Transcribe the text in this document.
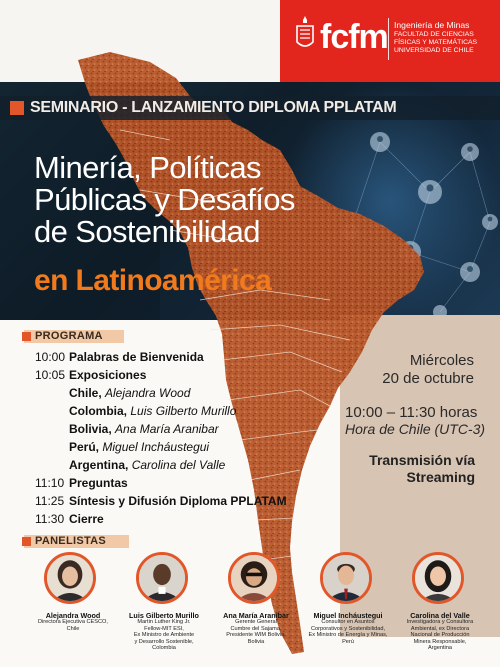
fcfm Ingeniería de Minas
FACULTAD DE CIENCIAS
FÍSICAS Y MATEMÁTICAS
UNIVERSIDAD DE CHILE
SEMINARIO - LANZAMIENTO DIPLOMA PPLATAM
Minería, Políticas
Públicas y Desafíos
de Sostenibilidad
en Latinoamérica
Miércoles
20 de octubre
10:00 – 11:30 horas
Hora de Chile (UTC-3)
Transmisión vía
Streaming
PROGRAMA
10:00 Palabras de Bienvenida
10:05 Exposiciones
Chile, Alejandra Wood
Colombia, Luis Gilberto Murillo
Bolivia, Ana María Aranibar
Perú, Miguel Incháustegui
Argentina, Carolina del Valle
11:10 Preguntas
11:25 Síntesis y Difusión Diploma PPLATAM
11:30 Cierre
PANELISTAS
Alejandra Wood
Directora Ejecutiva CESCO,
Chile
Luis Gilberto Murillo
Martin Luther King Jr.
Fellow-MIT ESI,
Ex Ministro de Ambiente
y Desarrollo Sostenible,
Colombia
Ana María Aranibar
Gerente General
Cumbre del Sajama,
Presidente WIM Bolivia,
Bolivia
Miguel Incháustegui
Consultor en Asuntos
Corporativos y Sostenibilidad,
Ex Ministro de Energía y Minas,
Perú
Carolina del Valle
Investigadora y Consultora
Ambiental, ex Directora
Nacional de Producción
Minera Responsable,
Argentina
